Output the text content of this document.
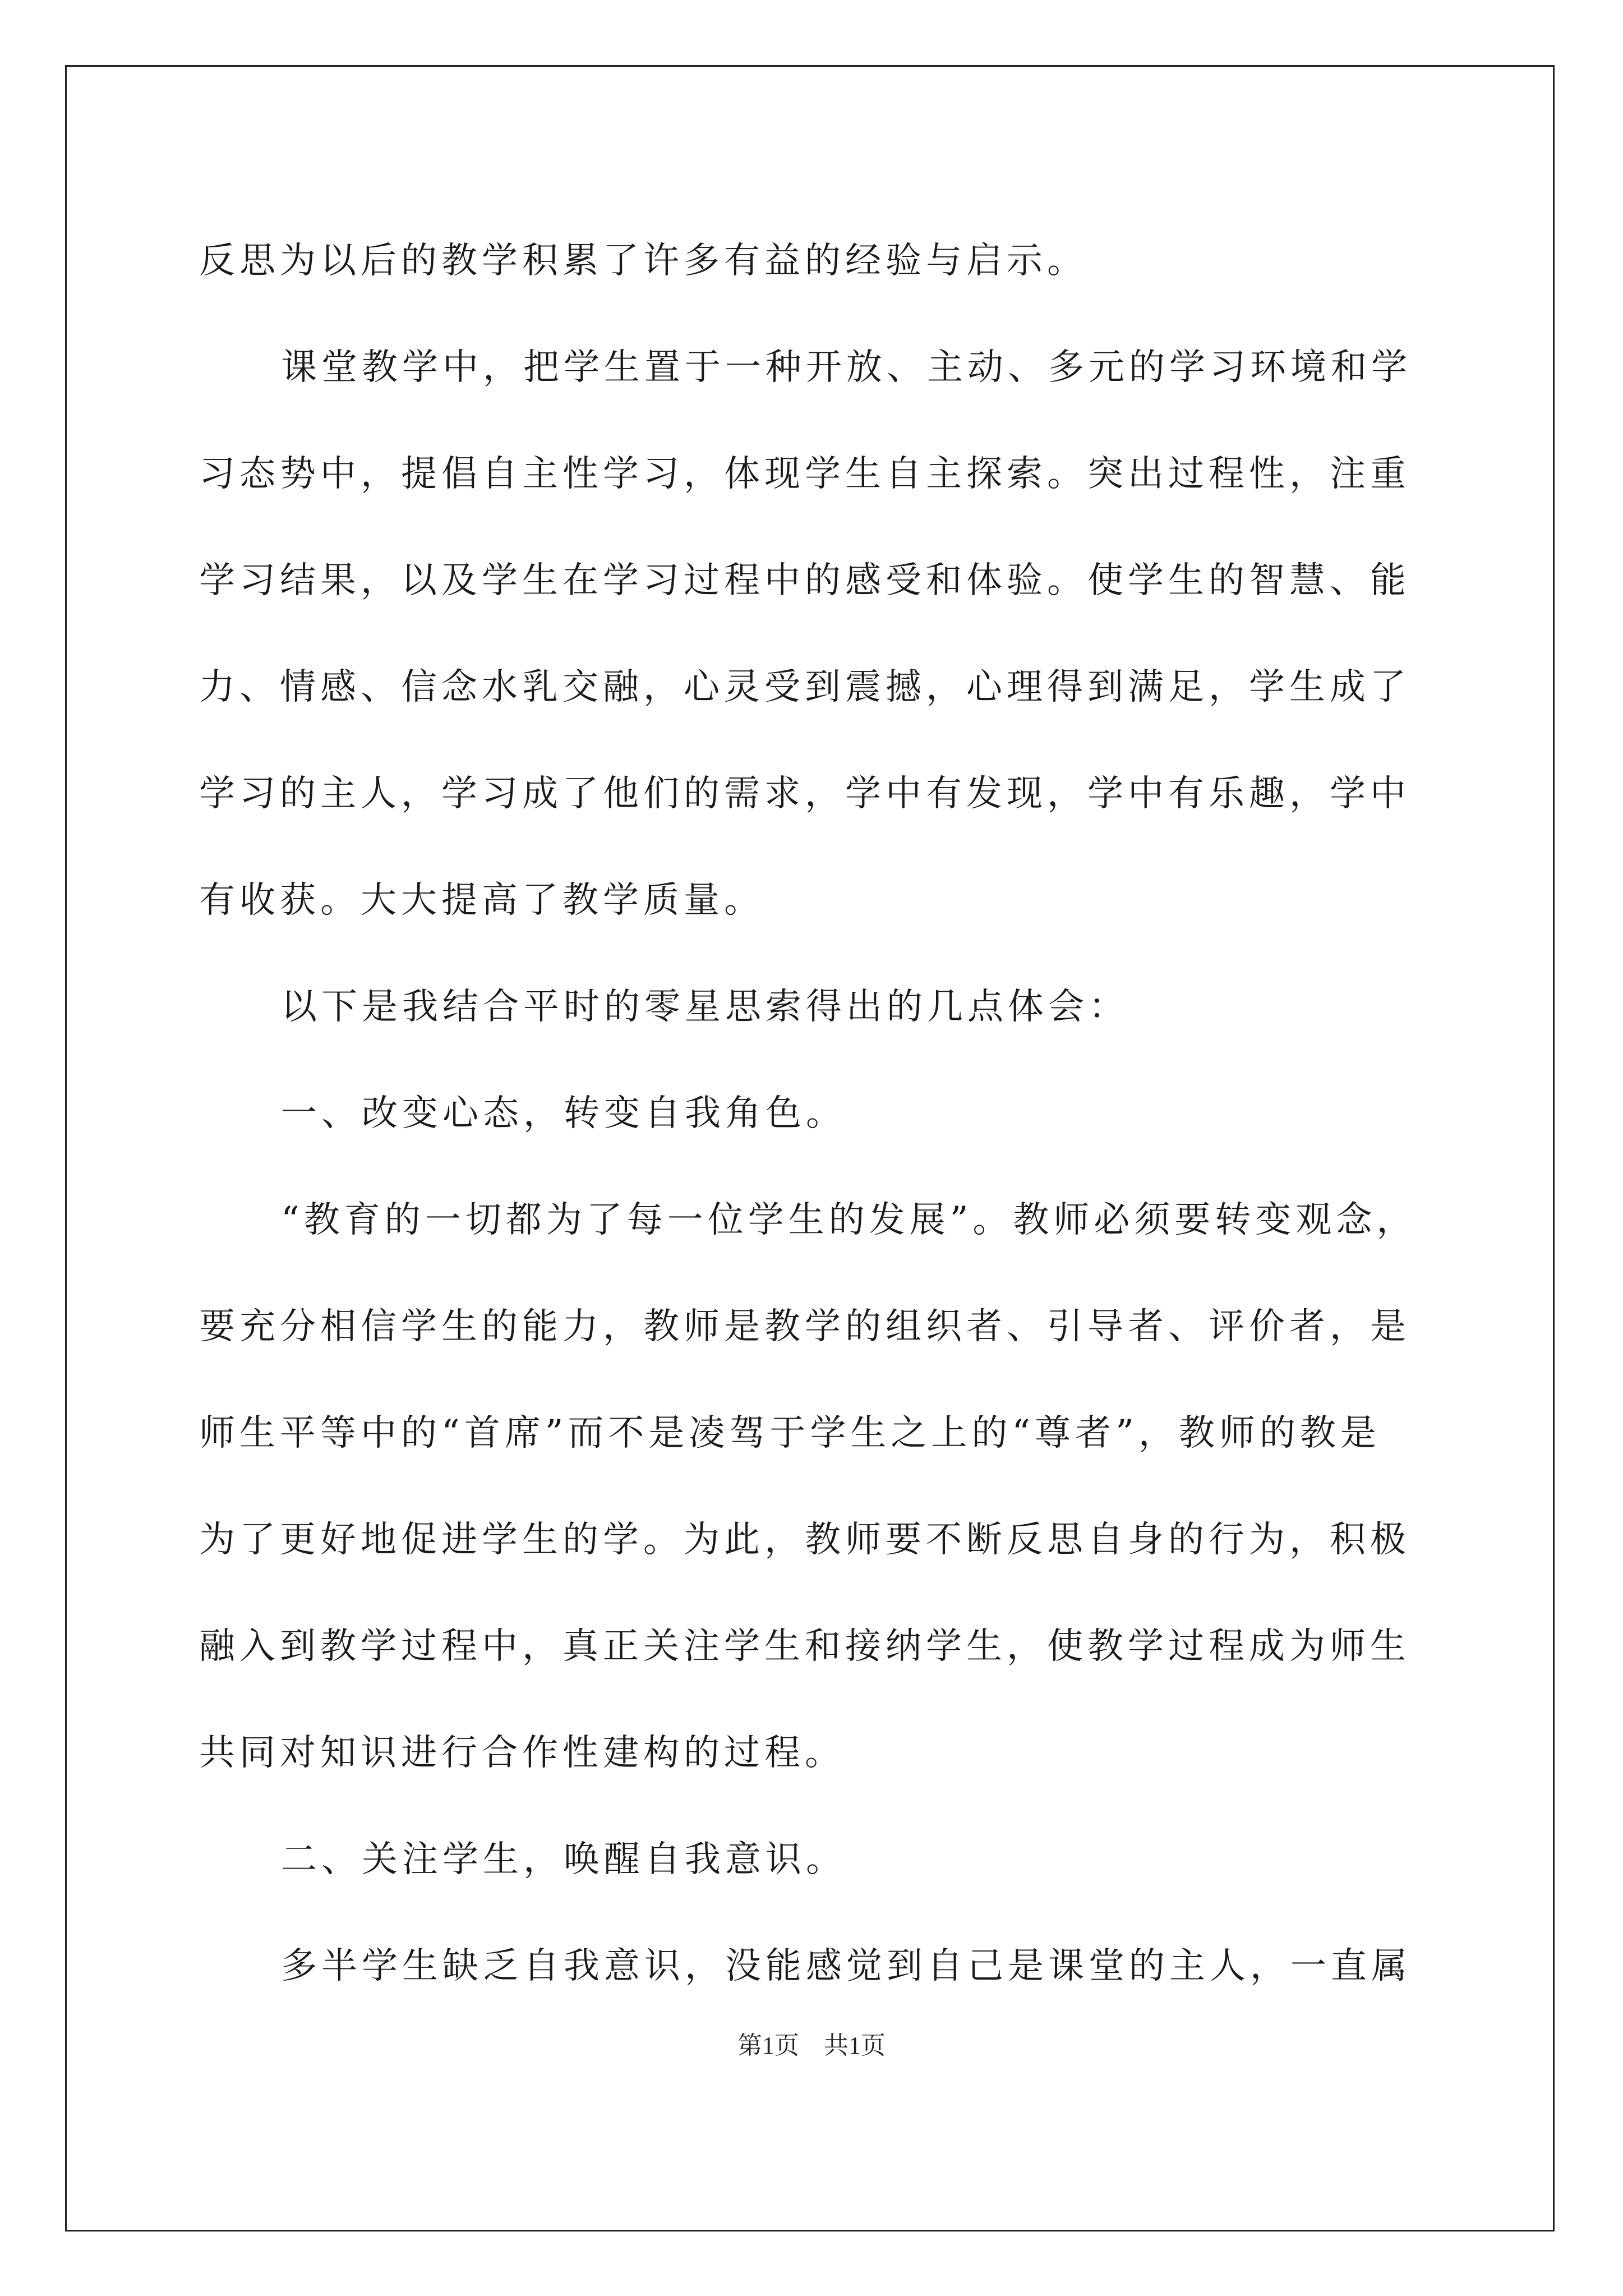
反思为以后的教学积累了许多有益的经验与启示。
课堂教学中，把学生置于一种开放、主动、多元的学习环境和学
习态势中，提倡自主性学习，体现学生自主探索。突出过程性，注重
学习结果，以及学生在学习过程中的感受和体验。使学生的智慧、能
力、情感、信念水乳交融，心灵受到震撼，心理得到满足，学生成了
学习的主人，学习成了他们的需求，学中有发现，学中有乐趣，学中
有收获。大大提高了教学质量。
以下是我结合平时的零星思索得出的几点体会：
一、改变心态，转变自我角色。
“教育的一切都为了每一位学生的发展”。教师必须要转变观念，
要充分相信学生的能力，教师是教学的组织者、引导者、评价者，是
师生平等中的“首席”而不是凌驾于学生之上的“尊者”，教师的教是
为了更好地促进学生的学。为此，教师要不断反思自身的行为，积极
融入到教学过程中，真正关注学生和接纳学生，使教学过程成为师生
共同对知识进行合作性建构的过程。
二、关注学生，唤醒自我意识。
多半学生缺乏自我意识，没能感觉到自己是课堂的主人，一直属
第1页 共1页
